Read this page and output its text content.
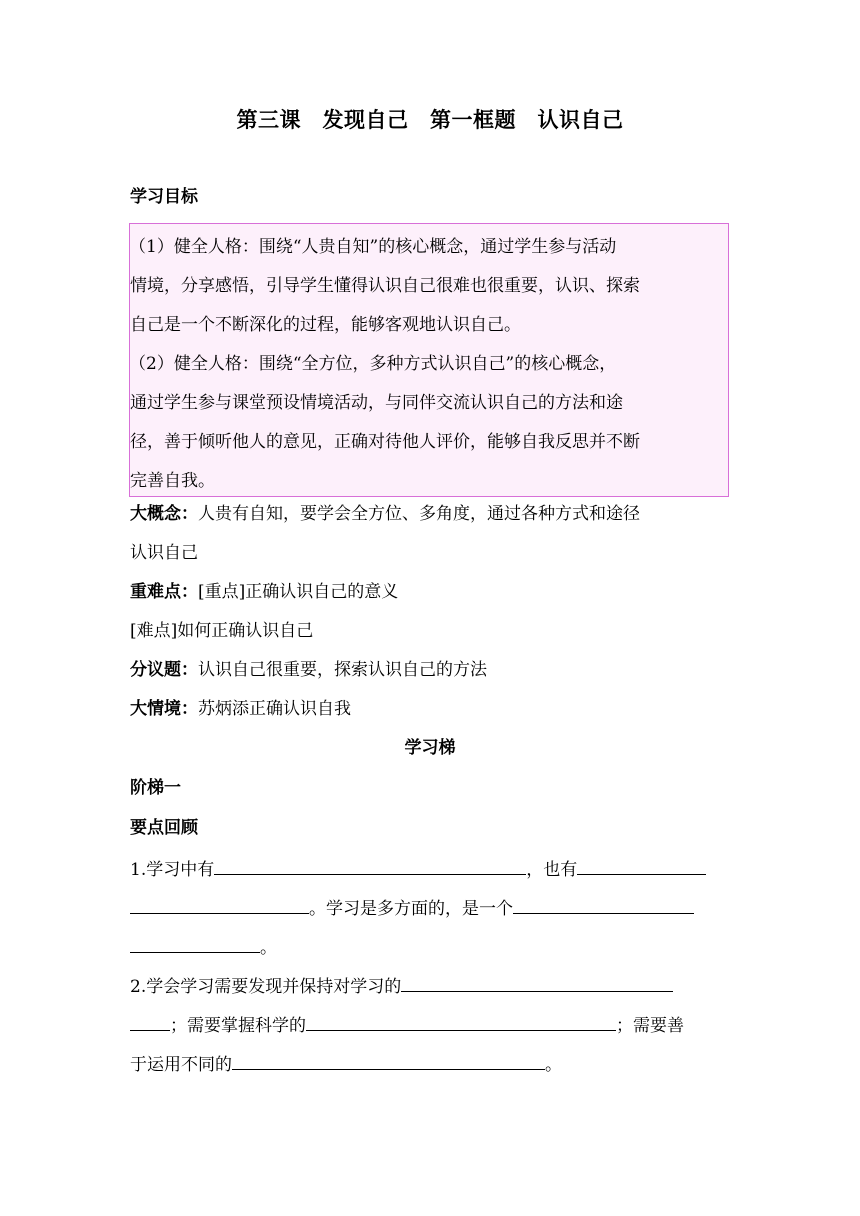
第三课　发现自己　第一框题　认识自己
学习目标

（1）健全人格：围绕“人贵自知”的核心概念，通过学生参与活动

情境，分享感悟，引导学生懂得认识自己很难也很重要，认识、探索

自己是一个不断深化的过程，能够客观地认识自己。

（2）健全人格：围绕“全方位，多种方式认识自己”的核心概念，

通过学生参与课堂预设情境活动，与同伴交流认识自己的方法和途

径，善于倾听他人的意见，正确对待他人评价，能够自我反思并不断

完善自我。

大概念：人贵有自知，要学会全方位、多角度，通过各种方式和途径
认识自己
重难点：[重点]正确认识自己的意义
[难点]如何正确认识自己
分议题：认识自己很重要，探索认识自己的方法
大情境：苏炳添正确认识自我
学习梯
阶梯一
要点回顾
1.学习中有	，也有
。学习是多方面的，是一个
。
2.学会学习需要发现并保持对学习的
；需要掌握科学的	；需要善
于运用不同的	。
